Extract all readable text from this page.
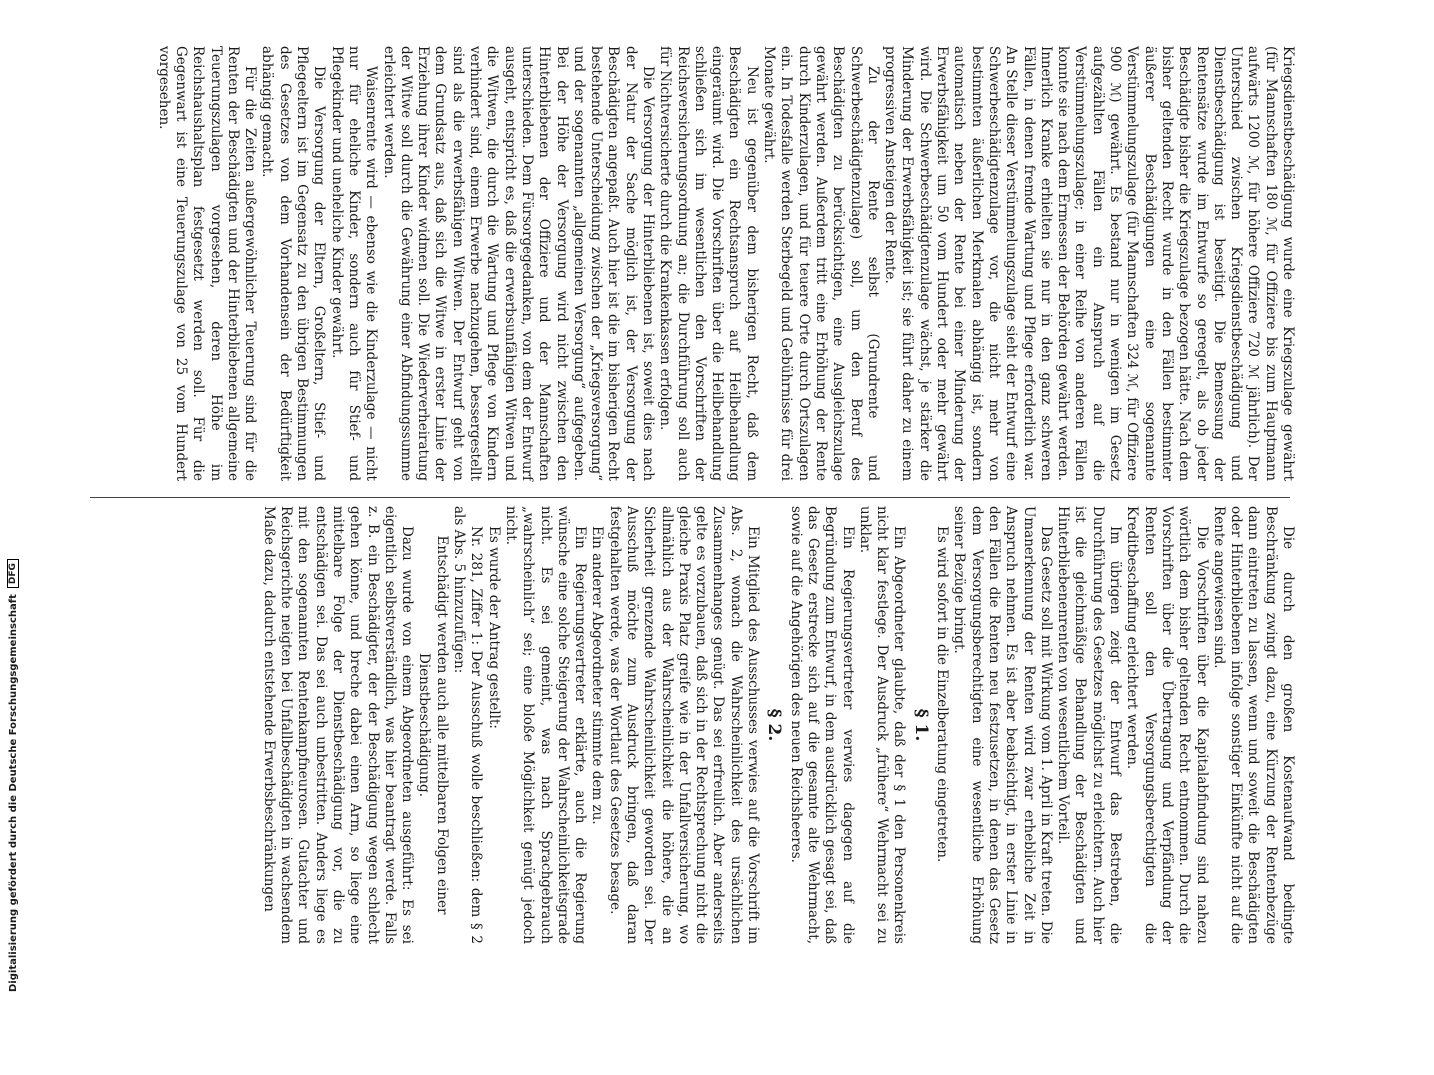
Kriegsdienstbeschädigung wurde eine Kriegszulage gewährt (für Mannschaften 180 ℳ, für Offiziere bis zum Hauptmann aufwärts 1200 ℳ, für höhere Offiziere 720 ℳ jährlich). Der Unterschied zwischen Kriegsdienstbeschädigung und Dienstbeschädigung ist beseitigt. Die Bemessung der Rentensätze wurde im Entwurfe so geregelt, als ob jeder Beschädigte bisher die Kriegszulage bezogen hätte. Nach dem bisher geltenden Recht wurde in den Fällen bestimmter äußerer Beschädigungen eine sogenannte Verstümmelungszulage (für Mannschaften 324 ℳ, für Offiziere 900 ℳ) gewährt. Es bestand nur in wenigen im Gesetz aufgezählten Fällen ein Anspruch auf die Verstümmelungszulage; in einer Reihe von anderen Fällen konnte sie nach dem Ermessen der Behörden gewährt werden. Innerlich Kranke erhielten sie nur in den ganz schweren Fällen, in denen fremde Wartung und Pflege erforderlich war. An Stelle dieser Verstümmelungszulage sieht der Entwurf eine Schwerbeschädigtenzulage vor, die nicht mehr von bestimmten äußerlichen Merkmalen abhängig ist, sondern automatisch neben der Rente bei einer Minderung der Erwerbsfähigkeit um 50 vom Hundert oder mehr gewährt wird. Die Schwerbeschädigtenzulage wächst, je stärker die Minderung der Erwerbsfähigkeit ist; sie führt daher zu einem progressiven Ansteigen der Rente.

Zu der Rente selbst (Grundrente und Schwerbeschädigtenzulage) soll, um den Beruf des Beschädigten zu berücksichtigen, eine Ausgleichszulage gewährt werden. Außerdem tritt eine Erhöhung der Rente durch Kinderzulagen, und für teuere Orte durch Ortszulagen ein. In Todesfalle werden Sterbegeld und Gebührnisse für drei Monate gewährt.

Neu ist gegenüber dem bisherigen Recht, daß dem Beschädigten ein Rechtsanspruch auf Heilbehandlung eingeräumt wird. Die Vorschriften über die Heilbehandlung schließen sich im wesentlichen den Vorschriften der Reichsversicherungsordnung an; die Durchführung soll auch für Nichtversicherte durch die Krankenkassen erfolgen.

Die Versorgung der Hinterbliebenen ist, soweit dies nach der Natur der Sache möglich ist, der Versorgung der Beschädigten angepaßt. Auch hier ist die im bisherigen Recht bestehende Unterscheidung zwischen der „Kriegsversorgung“ und der sogenannten „allgemeinen Versorgung“ aufgegeben. Bei der Höhe der Versorgung wird nicht zwischen den Hinterbliebenen der Offiziere und der Mannschaften unterschieden. Dem Fürsorgegedanken, von dem der Entwurf ausgeht, entspricht es, daß die erwerbsunfähigen Witwen und die Witwen, die durch die Wartung und Pflege von Kindern verhindert sind, einem Erwerbe nachzugehen, bessergestellt sind als die erwerbsfähigen Witwen. Der Entwurf geht von dem Grundsatz aus, daß sich die Witwe in erster Linie der Erziehung ihrer Kinder widmen soll. Die Wiederverheiratung der Witwe soll durch die Gewährung einer Abfindungssumme erleichtert werden.

Waisenrente wird — ebenso wie die Kinderzulage — nicht nur für eheliche Kinder, sondern auch für Stief- und Pflegekinder und uneheliche Kinder gewährt.

Die Versorgung der Eltern, Großeltern, Stief- und Pflegeeltern ist im Gegensatz zu den übrigen Bestimmungen des Gesetzes von dem Vorhandensein der Bedürftigkeit abhängig gemacht.

Für die Zeiten außergewöhnlicher Teuerung sind für die Renten der Beschädigten und der Hinterbliebenen allgemeine Teuerungszulagen vorgesehen, deren Höhe im Reichshaushaltsplan festgesetzt werden soll. Für die Gegenwart ist eine Teuerungszulage von 25 vom Hundert vorgesehen.

Die durch den großen Kostenaufwand bedingte Beschränkung zwingt dazu, eine Kürzung der Rentenbezüge dann eintreten zu lassen, wenn und soweit die Beschädigten oder Hinterbliebenen infolge sonstiger Einkünfte nicht auf die Rente angewiesen sind.

Die Vorschriften über die Kapitalabfindung sind nahezu wörtlich dem bisher geltenden Recht entnommen. Durch die Vorschriften über die Übertragung und Verpfändung der Renten soll den Versorgungsberechtigten die Kreditbeschaffung erleichtert werden.

Im übrigen zeigt der Entwurf das Bestreben, die Durchführung des Gesetzes möglichst zu erleichtern. Auch hier ist die gleichmäßige Behandlung der Beschädigten und Hinterbliebenenrenten von wesentlichem Vorteil.

Das Gesetz soll mit Wirkung vom 1. April in Kraft treten. Die Umanerkennung der Renten wird zwar erhebliche Zeit in Anspruch nehmen. Es ist aber beabsichtigt, in erster Linie in den Fällen die Renten neu festzusetzen, in denen das Gesetz dem Versorgungsberechtigten eine wesentliche Erhöhung seiner Bezüge bringt.

Es wird sofort in die Einzelberatung eingetreten.

§ 1.

Ein Abgeordneter glaubte, daß der § 1 den Personenkreis nicht klar festlege. Der Ausdruck „frühere“ Wehrmacht sei zu unklar.

Ein Regierungsvertreter verwies dagegen auf die Begründung zum Entwurf, in dem ausdrücklich gesagt sei, daß das Gesetz erstrecke sich auf die gesamte alte Wehrmacht, sowie auf die Angehörigen des neuen Reichsheeres.

§ 2.

Ein Mitglied des Ausschusses verwies auf die Vorschrift im Abs. 2, wonach die Wahrscheinlichkeit des ursächlichen Zusammenhanges genügt. Das sei erfreulich. Aber anderseits gelte es vorzubauen, daß sich in der Rechtsprechung nicht die gleiche Praxis Platz greife wie in der Unfallversicherung, wo allmählich aus der Wahrscheinlichkeit die höhere, die an Sicherheit grenzende Wahrscheinlichkeit geworden sei. Der Ausschuß möchte zum Ausdruck bringen, daß daran festgehalten werde, was der Wortlaut des Gesetzes besage.

Ein anderer Abgeordneter stimmte dem zu.

Ein Regierungsvertreter erklärte, auch die Regierung wünsche eine solche Steigerung der Wahrscheinlichkeitsgrade nicht. Es sei gemeint, was nach Sprachgebrauch „wahrscheinlich“ sei; eine bloße Möglichkeit genügt jedoch nicht.

Es wurde der Antrag gestellt:

Nr. 281, Ziffer 1: Der Ausschuß wolle beschließen: dem § 2 als Abs. 5 hinzuzufügen:

Entschädigt werden auch alle mittelbaren Folgen einer Dienstbeschädigung.

Dazu wurde von einem Abgeordneten ausgeführt: Es sei eigentlich selbstverständlich, was hier beantragt werde. Falls z. B. ein Beschädigter, der der Beschädigung wegen schlecht gehen könne, und breche dabei einen Arm, so liege eine mittelbare Folge der Dienstbeschädigung vor, die zu entschädigen sei. Das sei auch unbestritten. Anders liege es mit den sogenannten Rentenkampfneurosen. Gutachter und Reichsgerichte neigten bei Unfallbeschädigten in wachsendem Maße dazu, dadurch entstehende Erwerbsbeschränkungen

Digitalisierung gefördert durch die Deutsche Forschungsgemeinschaft
DFG
